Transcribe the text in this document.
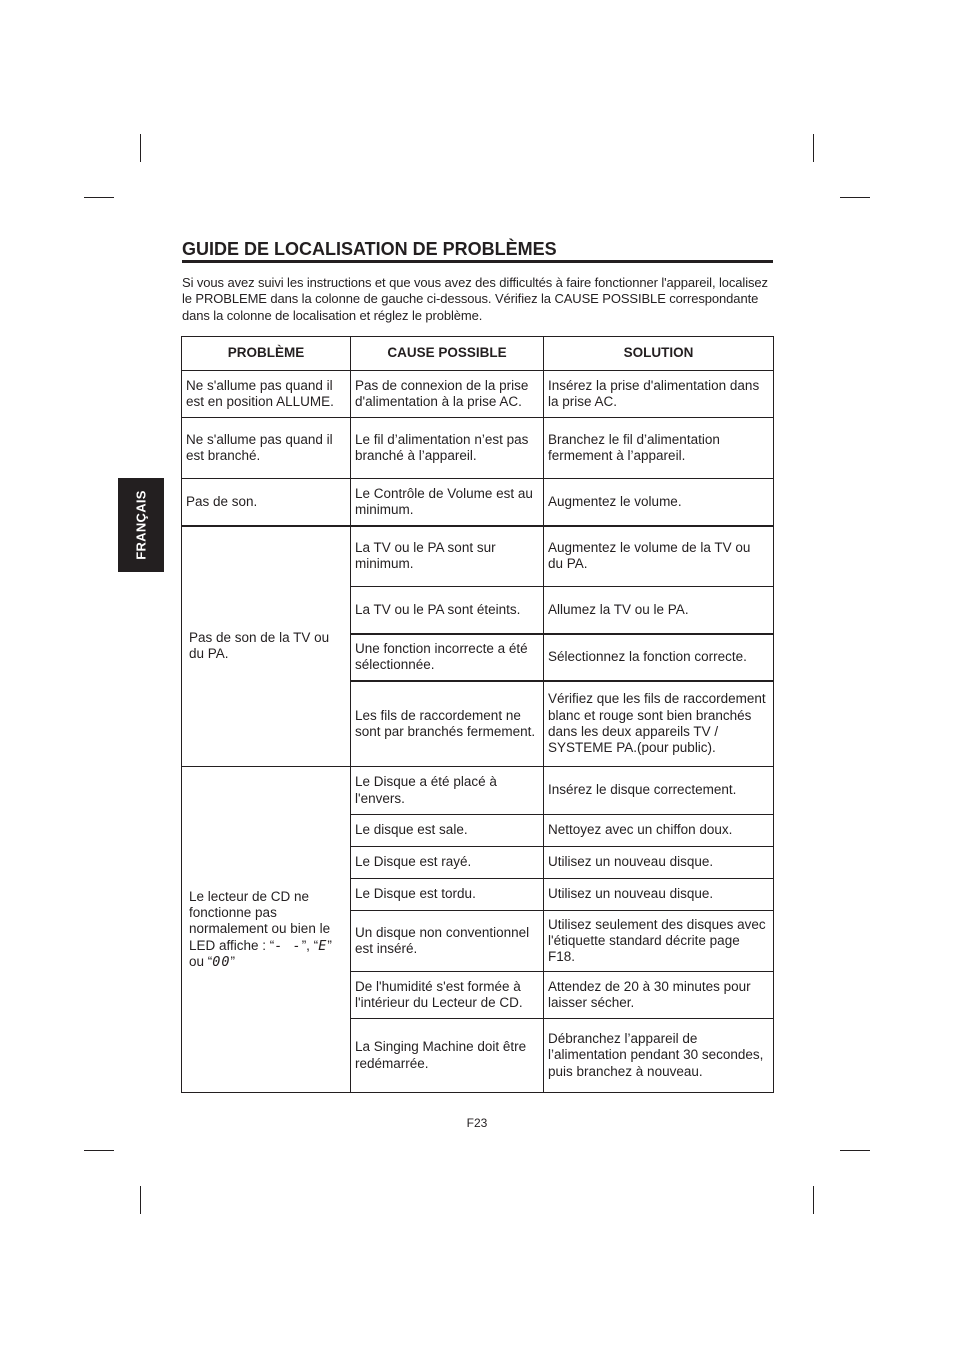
GUIDE DE LOCALISATION DE PROBLÈMES

Si vous avez suivi les instructions et que vous avez des difficultés à faire fonctionner l'appareil, localisez le PROBLEME dans la colonne de gauche ci-dessous. Vérifiez la CAUSE POSSIBLE correspondante dans la colonne de localisation et réglez le problème.

FRANÇAIS
PROBLÈME	CAUSE POSSIBLE	SOLUTION
Ne s'allume pas quand il est en position ALLUME.	Pas de connexion de la prise d'alimentation à la prise AC.	Insérez la prise d'alimentation dans la prise AC.
Ne s'allume pas quand il est branché.	Le fil d’alimentation n’est pas branché à l’appareil.	Branchez le fil d’alimentation fermement à l’appareil.
Pas de son.	Le Contrôle de Volume est au minimum.	Augmentez le volume.
Pas de son de la TV ou du PA.	La TV ou le PA sont sur minimum.	Augmentez le volume de la TV ou du PA.
	La TV ou le PA sont éteints.	Allumez la TV ou le PA.
	Une fonction incorrecte a été sélectionnée.	Sélectionnez la fonction correcte.
	Les fils de raccordement ne sont par branchés fermement.	Vérifiez que les fils de raccordement blanc et rouge sont bien branchés dans les deux appareils TV / SYSTEME PA.(pour public).
Le lecteur de CD ne fonctionne pas normalement ou bien le LED affiche : “- -”, “E” ou “00”	Le Disque a été placé à l'envers.	Insérez le disque correctement.
	Le disque est sale.	Nettoyez avec un chiffon doux.
	Le Disque est rayé.	Utilisez un nouveau disque.
	Le Disque est tordu.	Utilisez un nouveau disque.
	Un disque non conventionnel est inséré.	Utilisez seulement des disques avec l'étiquette standard décrite page F18.
	De l'humidité s'est formée à l'intérieur du Lecteur de CD.	Attendez de 20 à 30 minutes pour laisser sécher.
	La Singing Machine doit être redémarrée.	Débranchez l’appareil de l’alimentation pendant 30 secondes, puis branchez à nouveau.
F23
